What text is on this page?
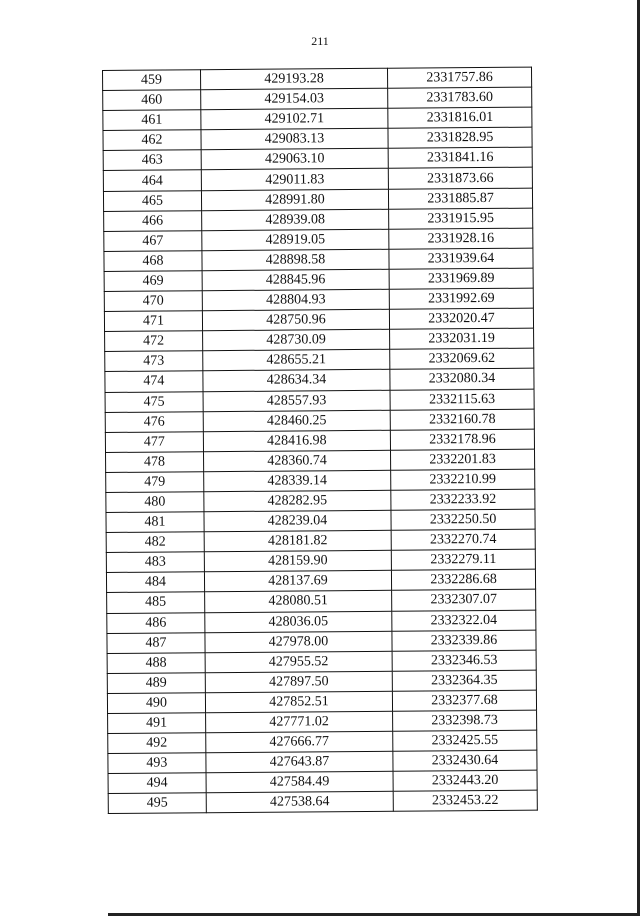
211
459	429193.28	2331757.86
460	429154.03	2331783.60
461	429102.71	2331816.01
462	429083.13	2331828.95
463	429063.10	2331841.16
464	429011.83	2331873.66
465	428991.80	2331885.87
466	428939.08	2331915.95
467	428919.05	2331928.16
468	428898.58	2331939.64
469	428845.96	2331969.89
470	428804.93	2331992.69
471	428750.96	2332020.47
472	428730.09	2332031.19
473	428655.21	2332069.62
474	428634.34	2332080.34
475	428557.93	2332115.63
476	428460.25	2332160.78
477	428416.98	2332178.96
478	428360.74	2332201.83
479	428339.14	2332210.99
480	428282.95	2332233.92
481	428239.04	2332250.50
482	428181.82	2332270.74
483	428159.90	2332279.11
484	428137.69	2332286.68
485	428080.51	2332307.07
486	428036.05	2332322.04
487	427978.00	2332339.86
488	427955.52	2332346.53
489	427897.50	2332364.35
490	427852.51	2332377.68
491	427771.02	2332398.73
492	427666.77	2332425.55
493	427643.87	2332430.64
494	427584.49	2332443.20
495	427538.64	2332453.22
